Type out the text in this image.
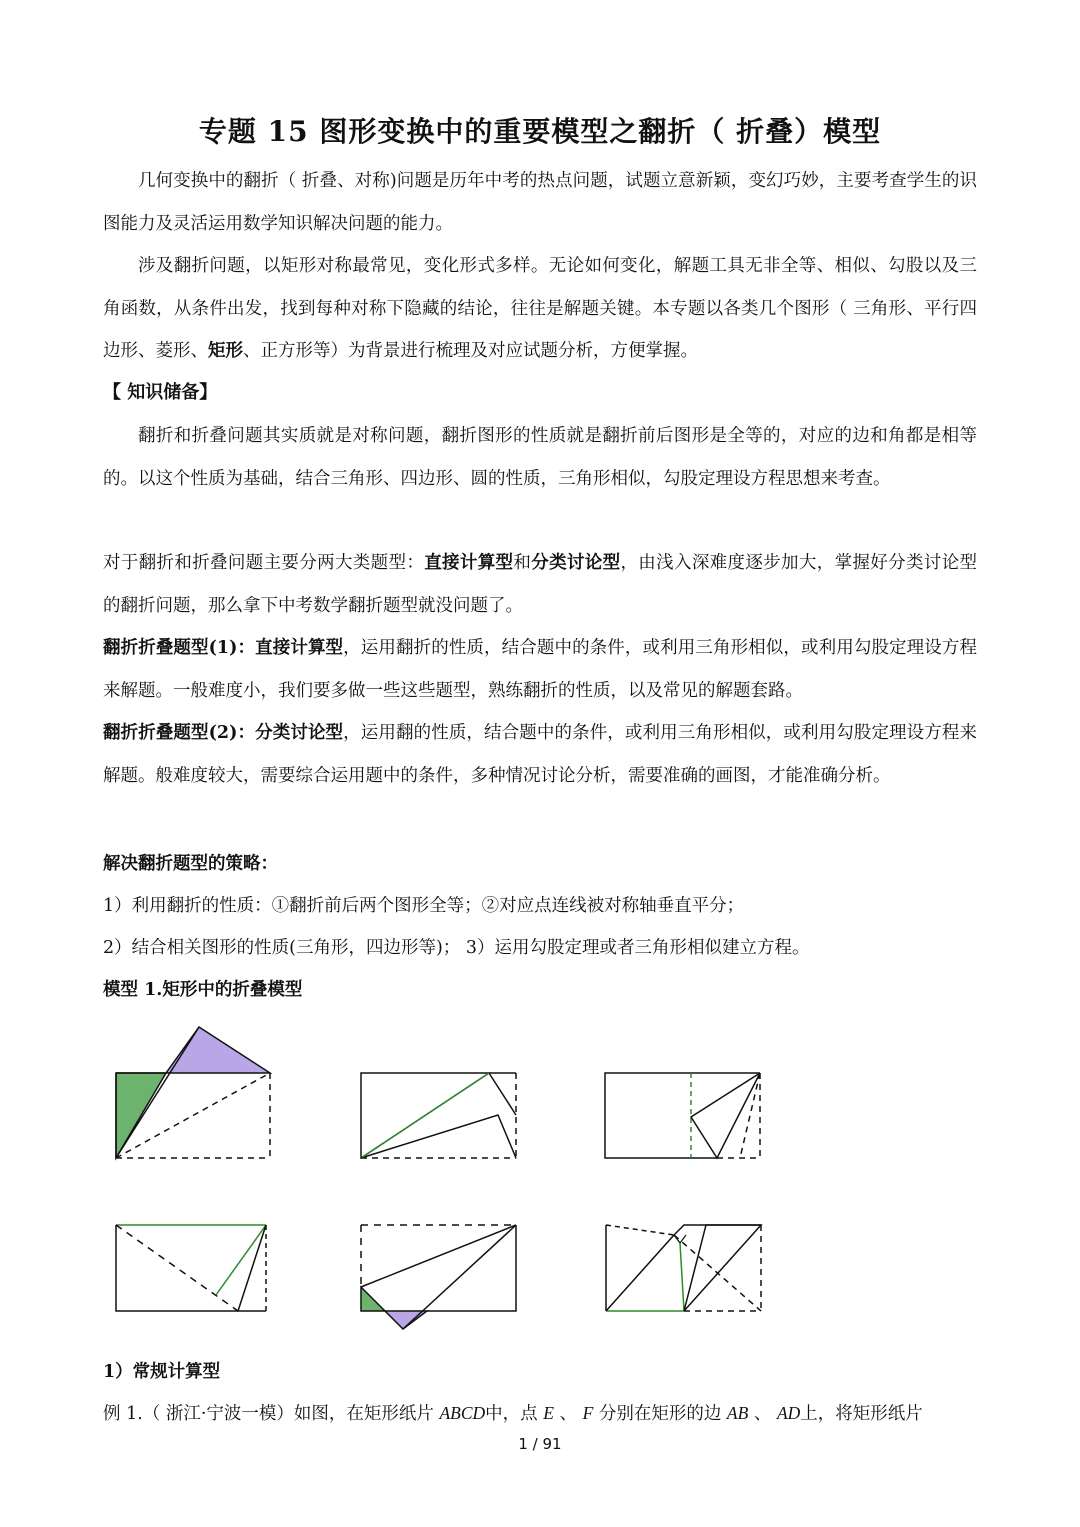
专题 15 图形变换中的重要模型之翻折（ 折叠）模型

几何变换中的翻折（ 折叠、对称)问题是历年中考的热点问题，试题立意新颖，变幻巧妙，主要考查学生的识图能力及灵活运用数学知识解决问题的能力。

涉及翻折问题，以矩形对称最常见，变化形式多样。无论如何变化，解题工具无非全等、相似、勾股以及三角函数，从条件出发，找到每种对称下隐藏的结论，往往是解题关键。本专题以各类几个图形（ 三角形、平行四边形、菱形、矩形、正方形等）为背景进行梳理及对应试题分析，方便掌握。

【 知识储备】

翻折和折叠问题其实质就是对称问题，翻折图形的性质就是翻折前后图形是全等的，对应的边和角都是相等的。以这个性质为基础，结合三角形、四边形、圆的性质，三角形相似，勾股定理设方程思想来考查。

对于翻折和折叠问题主要分两大类题型：直接计算型和分类讨论型，由浅入深难度逐步加大，掌握好分类讨论型的翻折问题，那么拿下中考数学翻折题型就没问题了。

翻折折叠题型(1)：直接计算型，运用翻折的性质，结合题中的条件，或利用三角形相似，或利用勾股定理设方程来解题。一般难度小，我们要多做一些这些题型，熟练翻折的性质，以及常见的解题套路。

翻折折叠题型(2)：分类讨论型，运用翻的性质，结合题中的条件，或利用三角形相似，或利用勾股定理设方程来解题。般难度较大，需要综合运用题中的条件，多种情况讨论分析，需要准确的画图，才能准确分析。

解决翻折题型的策略：
1）利用翻折的性质：①翻折前后两个图形全等；②对应点连线被对称轴垂直平分；
2）结合相关图形的性质(三角形，四边形等)； 3）运用勾股定理或者三角形相似建立方程。
模型 1.矩形中的折叠模型
1）常规计算型
例 1.（ 浙江·宁波一模）如图，在矩形纸片 ABCD中，点 E 、 F 分别在矩形的边 AB 、 AD上，将矩形纸片
1 / 91
